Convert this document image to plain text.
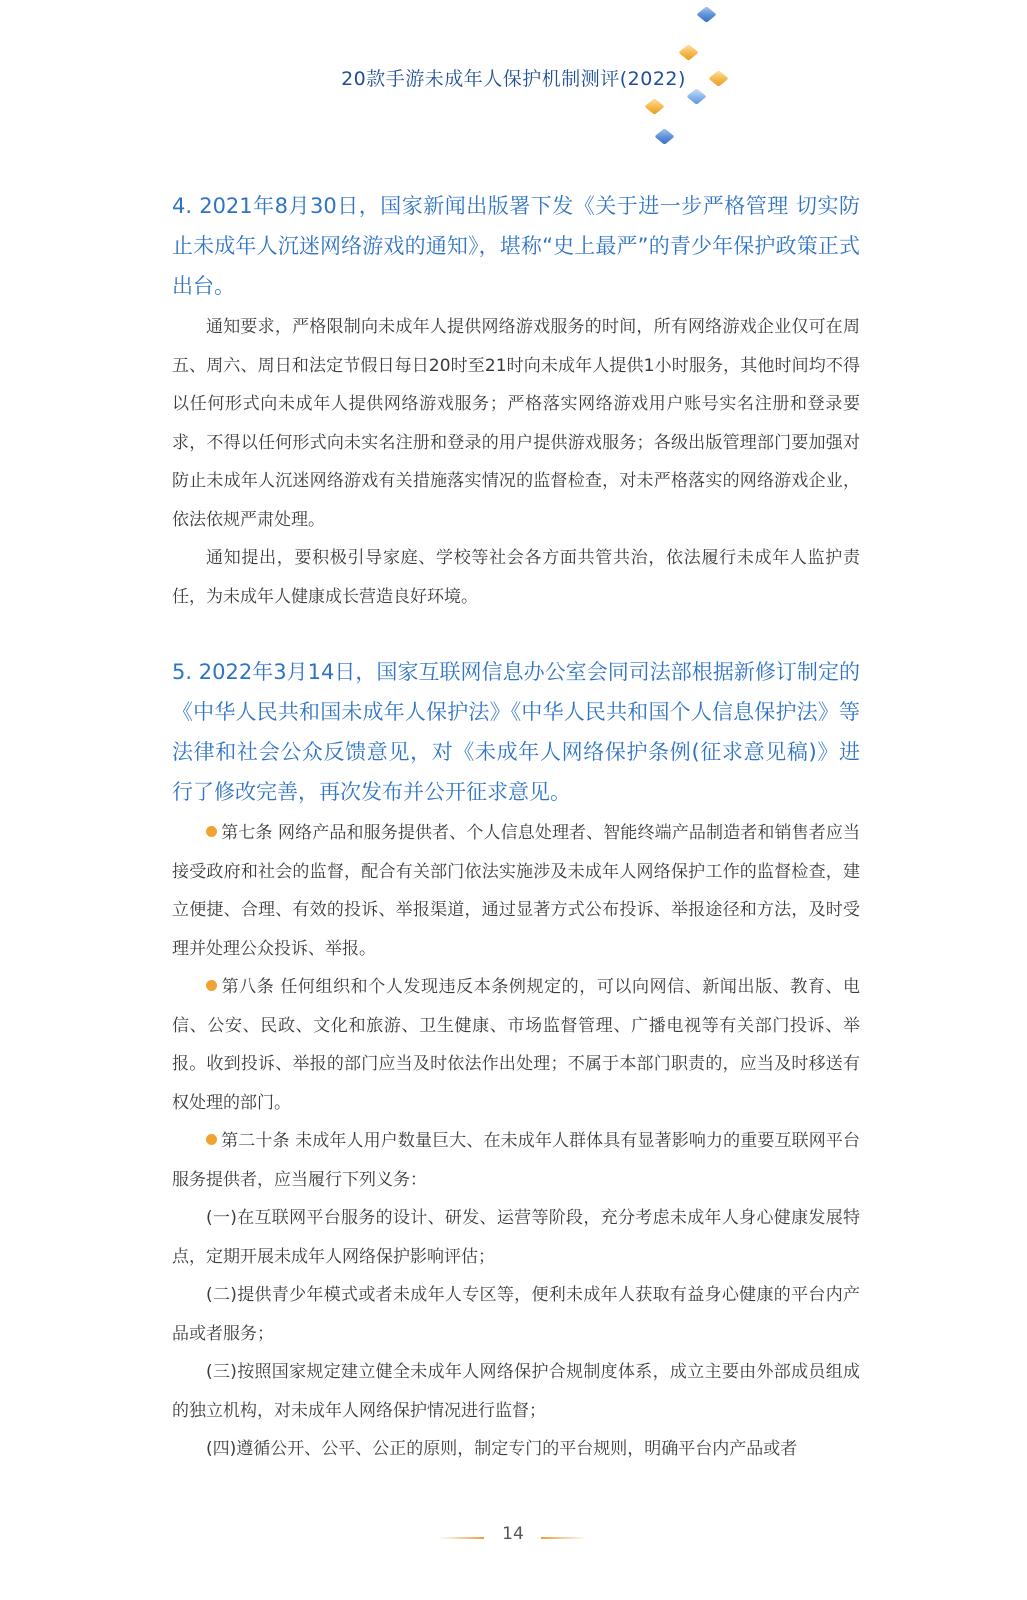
20款手游未成年人保护机制测评(2022)

4. 2021年8月30日，国家新闻出版署下发《关于进一步严格管理 切实防止未成年人沉迷网络游戏的通知》，堪称“史上最严”的青少年保护政策正式出台。

通知要求，严格限制向未成年人提供网络游戏服务的时间，所有网络游戏企业仅可在周五、周六、周日和法定节假日每日20时至21时向未成年人提供1小时服务，其他时间均不得以任何形式向未成年人提供网络游戏服务；严格落实网络游戏用户账号实名注册和登录要求，不得以任何形式向未实名注册和登录的用户提供游戏服务；各级出版管理部门要加强对防止未成年人沉迷网络游戏有关措施落实情况的监督检查，对未严格落实的网络游戏企业，依法依规严肃处理。

通知提出，要积极引导家庭、学校等社会各方面共管共治，依法履行未成年人监护责任，为未成年人健康成长营造良好环境。

5. 2022年3月14日，国家互联网信息办公室会同司法部根据新修订制定的《中华人民共和国未成年人保护法》《中华人民共和国个人信息保护法》等法律和社会公众反馈意见，对《未成年人网络保护条例(征求意见稿)》进行了修改完善，再次发布并公开征求意见。

第七条 网络产品和服务提供者、个人信息处理者、智能终端产品制造者和销售者应当接受政府和社会的监督，配合有关部门依法实施涉及未成年人网络保护工作的监督检查，建立便捷、合理、有效的投诉、举报渠道，通过显著方式公布投诉、举报途径和方法，及时受理并处理公众投诉、举报。

第八条 任何组织和个人发现违反本条例规定的，可以向网信、新闻出版、教育、电信、公安、民政、文化和旅游、卫生健康、市场监督管理、广播电视等有关部门投诉、举报。收到投诉、举报的部门应当及时依法作出处理；不属于本部门职责的，应当及时移送有权处理的部门。

第二十条 未成年人用户数量巨大、在未成年人群体具有显著影响力的重要互联网平台服务提供者，应当履行下列义务：

(一)在互联网平台服务的设计、研发、运营等阶段，充分考虑未成年人身心健康发展特点，定期开展未成年人网络保护影响评估；

(二)提供青少年模式或者未成年人专区等，便利未成年人获取有益身心健康的平台内产品或者服务；

(三)按照国家规定建立健全未成年人网络保护合规制度体系，成立主要由外部成员组成的独立机构，对未成年人网络保护情况进行监督；

(四)遵循公开、公平、公正的原则，制定专门的平台规则，明确平台内产品或者

14
